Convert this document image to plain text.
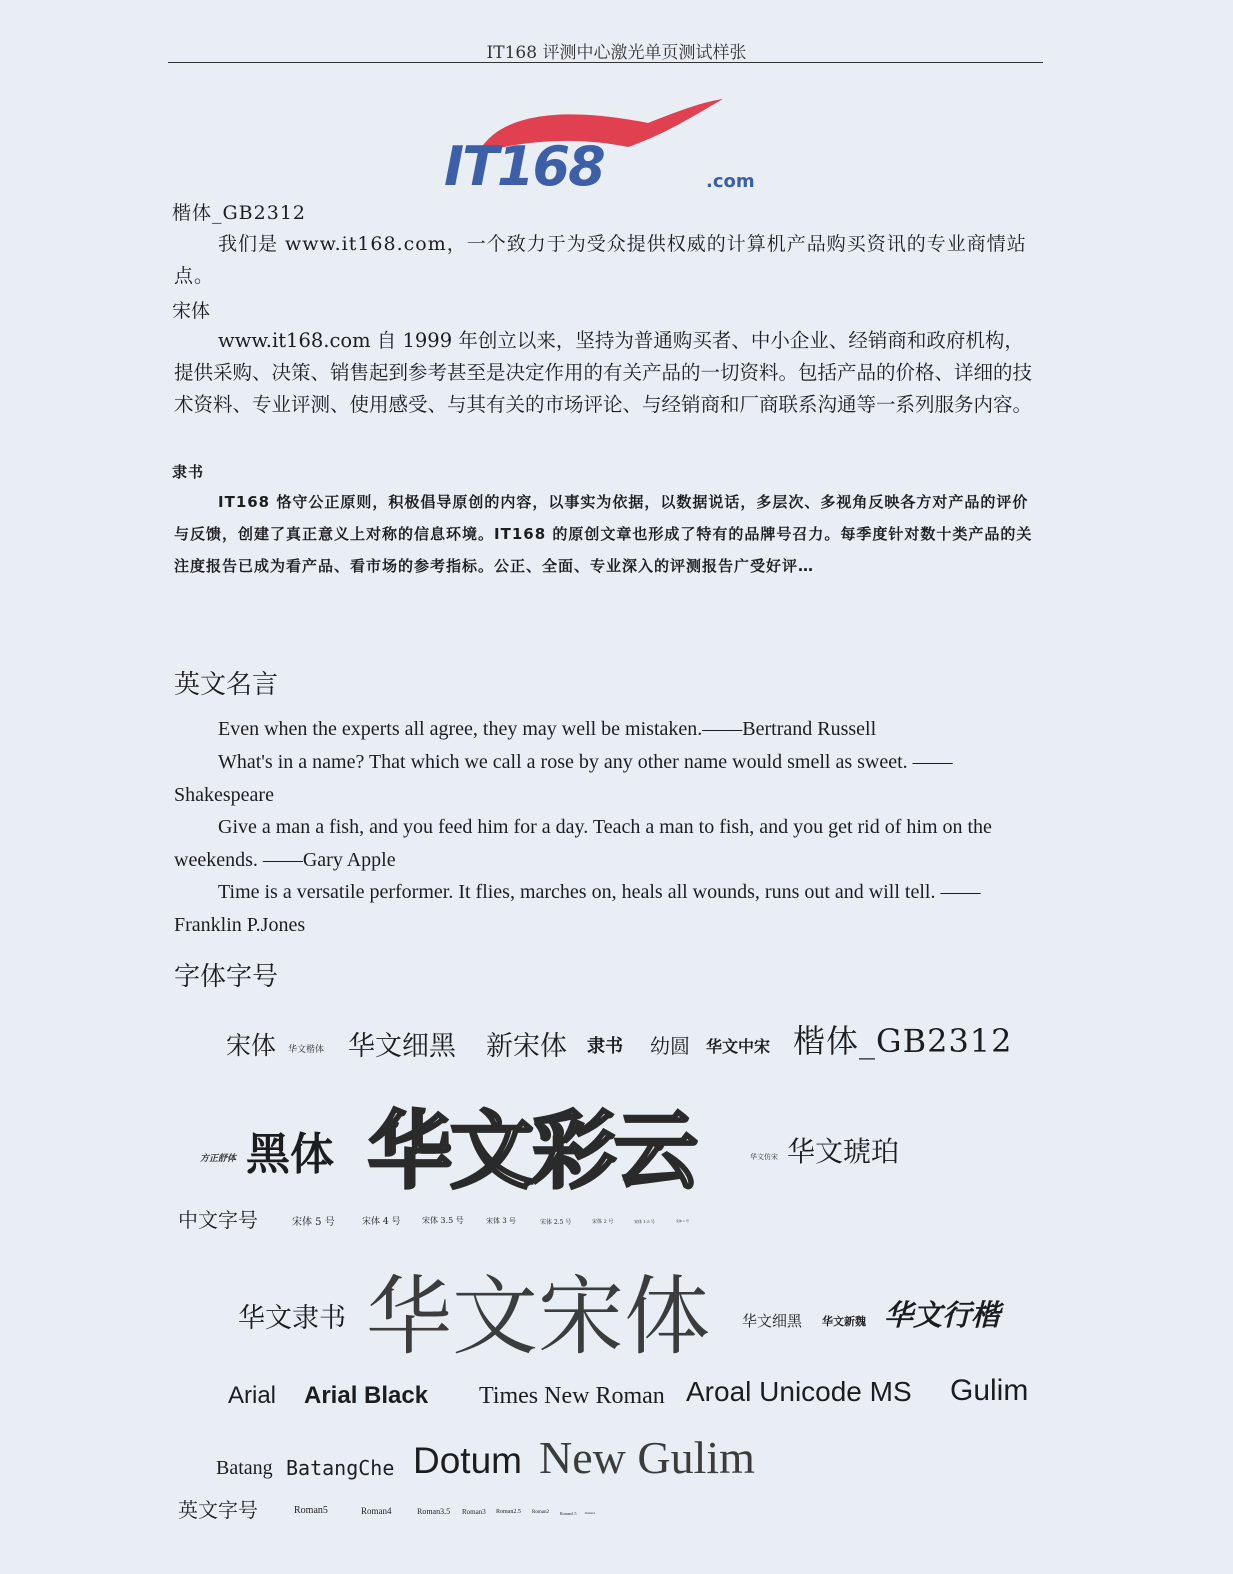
IT168 评测中心激光单页测试样张
IT168	.com
楷体_GB2312
我们是 www.it168.com，一个致力于为受众提供权威的计算机产品购买资讯的专业商情站点。
宋体
www.it168.com 自 1999 年创立以来，坚持为普通购买者、中小企业、经销商和政府机构，提供采购、决策、销售起到参考甚至是决定作用的有关产品的一切资料。包括产品的价格、详细的技术资料、专业评测、使用感受、与其有关的市场评论、与经销商和厂商联系沟通等一系列服务内容。
隶书
IT168 恪守公正原则，积极倡导原创的内容，以事实为依据，以数据说话，多层次、多视角反映各方对产品的评价与反馈，创建了真正意义上对称的信息环境。IT168 的原创文章也形成了特有的品牌号召力。每季度针对数十类产品的关注度报告已成为看产品、看市场的参考指标。公正、全面、专业深入的评测报告广受好评…
英文名言
Even when the experts all agree, they may well be mistaken.——Bertrand Russell
What's in a name? That which we call a rose by any other name would smell as sweet. ——Shakespeare
Give a man a fish, and you feed him for a day. Teach a man to fish, and you get rid of him on the weekends. ——Gary Apple
Time is a versatile performer. It flies, marches on, heals all wounds, runs out and will tell. ——Franklin P.Jones
字体字号
宋体 华文楷体 华文细黑 新宋体 隶书 幼圆 华文中宋 楷体_GB2312
方正舒体 黑体 华文彩云	华文仿宋 华文琥珀
中文字号	宋体 5 号	宋体 4 号	宋体 3.5 号	宋体 3 号	宋体 2.5 号	宋体 2 号	宋体 1.5 号	宋体 1 号
华文隶书 华文宋体 华文细黑 华文新魏 华文行楷
Arial Arial Black Times New Roman Aroal Unicode MS Gulim
Batang BatangChe Dotum New Gulim
英文字号	Roman5	Roman4	Roman3.5 Roman3 Roman2.5 Roman2	Roman1.5	Roman1
